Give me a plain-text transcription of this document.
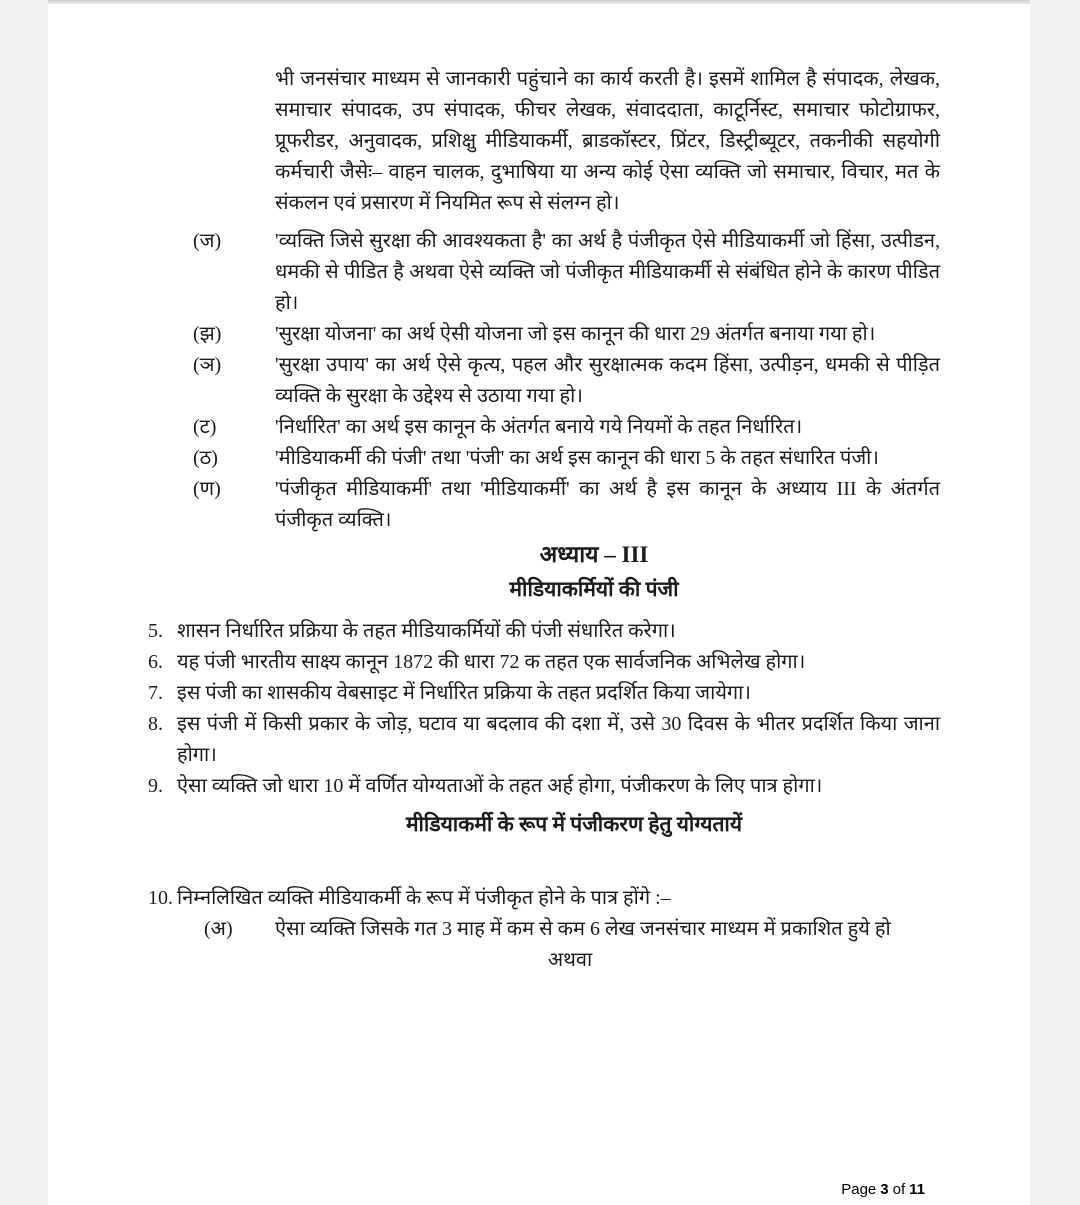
भी जनसंचार माध्यम से जानकारी पहुंचाने का कार्य करती है। इसमें शामिल है संपादक, लेखक, समाचार संपादक, उप संपादक, फीचर लेखक, संवाददाता, काटूर्निस्ट, समाचार फोटोग्राफर, प्रूफरीडर, अनुवादक, प्रशिक्षु मीडियाकर्मी, ब्राडकॉस्टर, प्रिंटर, डिस्ट्रीब्यूटर, तकनीकी सहयोगी कर्मचारी जैसेः– वाहन चालक, दुभाषिया या अन्य कोई ऐसा व्यक्ति जो समाचार, विचार, मत के संकलन एवं प्रसारण में नियमित रूप से संलग्न हो।
(ज)	'व्यक्ति जिसे सुरक्षा की आवश्यकता है' का अर्थ है पंजीकृत ऐसे मीडियाकर्मी जो हिंसा, उत्पीडन, धमकी से पीडित है अथवा ऐसे व्यक्ति जो पंजीकृत मीडियाकर्मी से संबंधित होने के कारण पीडित हो।
(झ)	'सुरक्षा योजना' का अर्थ ऐसी योजना जो इस कानून की धारा 29 अंतर्गत बनाया गया हो।
(ञ)	'सुरक्षा उपाय' का अर्थ ऐसे कृत्य, पहल और सुरक्षात्मक कदम हिंसा, उत्पीड़न, धमकी से पीड़ित व्यक्ति के सुरक्षा के उद्देश्य से उठाया गया हो।
(ट)	'निर्धारित' का अर्थ इस कानून के अंतर्गत बनाये गये नियमों के तहत निर्धारित।
(ठ)	'मीडियाकर्मी की पंजी' तथा 'पंजी' का अर्थ इस कानून की धारा 5 के तहत संधारित पंजी।
(ण)	'पंजीकृत मीडियाकर्मी' तथा 'मीडियाकर्मी' का अर्थ है इस कानून के अध्याय III के अंतर्गत पंजीकृत व्यक्ति।
अध्याय – III
मीडियाकर्मियों की पंजी
5. शासन निर्धारित प्रक्रिया के तहत मीडियाकर्मियों की पंजी संधारित करेगा।
6. यह पंजी भारतीय साक्ष्य कानून 1872 की धारा 72 क तहत एक सार्वजनिक अभिलेख होगा।
7. इस पंजी का शासकीय वेबसाइट में निर्धारित प्रक्रिया के तहत प्रदर्शित किया जायेगा।
8. इस पंजी में किसी प्रकार के जोड़, घटाव या बदलाव की दशा में, उसे 30 दिवस के भीतर प्रदर्शित किया जाना होगा।
9. ऐसा व्यक्ति जो धारा 10 में वर्णित योग्यताओं के तहत अर्ह होगा, पंजीकरण के लिए पात्र होगा।
मीडियाकर्मी के रूप में पंजीकरण हेतु योग्यतायें
10. निम्नलिखित व्यक्ति मीडियाकर्मी के रूप में पंजीकृत होने के पात्र होंगे :–
(अ)	ऐसा व्यक्ति जिसके गत 3 माह में कम से कम 6 लेख जनसंचार माध्यम में प्रकाशित हुये हो
अथवा
Page 3 of 11
